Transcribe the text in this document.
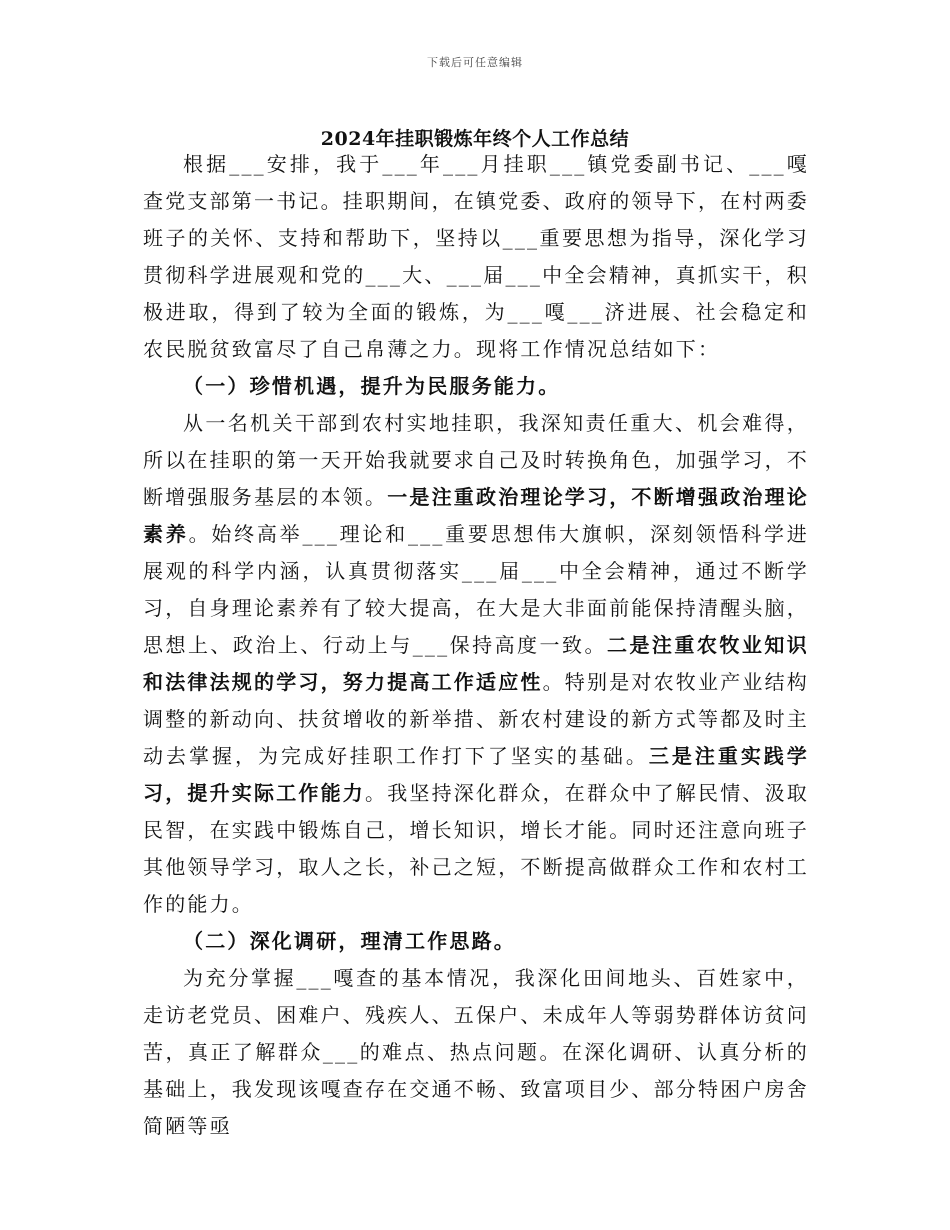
下载后可任意编辑
2024年挂职锻炼年终个人工作总结

根据___安排，我于___年___月挂职___镇党委副书记、___嘎查党支部第一书记。挂职期间，在镇党委、政府的领导下，在村两委班子的关怀、支持和帮助下，坚持以___重要思想为指导，深化学习贯彻科学进展观和党的___大、___届___中全会精神，真抓实干，积极进取，得到了较为全面的锻炼，为___嘎___济进展、社会稳定和农民脱贫致富尽了自己帛薄之力。现将工作情况总结如下：

（一）珍惜机遇，提升为民服务能力。

从一名机关干部到农村实地挂职，我深知责任重大、机会难得，所以在挂职的第一天开始我就要求自己及时转换角色，加强学习，不断增强服务基层的本领。一是注重政治理论学习，不断增强政治理论素养。始终高举___理论和___重要思想伟大旗帜，深刻领悟科学进展观的科学内涵，认真贯彻落实___届___中全会精神，通过不断学习，自身理论素养有了较大提高，在大是大非面前能保持清醒头脑，思想上、政治上、行动上与___保持高度一致。二是注重农牧业知识和法律法规的学习，努力提高工作适应性。特别是对农牧业产业结构调整的新动向、扶贫增收的新举措、新农村建设的新方式等都及时主动去掌握，为完成好挂职工作打下了坚实的基础。三是注重实践学习，提升实际工作能力。我坚持深化群众，在群众中了解民情、汲取民智，在实践中锻炼自己，增长知识，增长才能。同时还注意向班子其他领导学习，取人之长，补己之短，不断提高做群众工作和农村工作的能力。

（二）深化调研，理清工作思路。

为充分掌握___嘎查的基本情况，我深化田间地头、百姓家中，走访老党员、困难户、残疾人、五保户、未成年人等弱势群体访贫问苦，真正了解群众___的难点、热点问题。在深化调研、认真分析的基础上，我发现该嘎查存在交通不畅、致富项目少、部分特困户房舍简陋等亟
